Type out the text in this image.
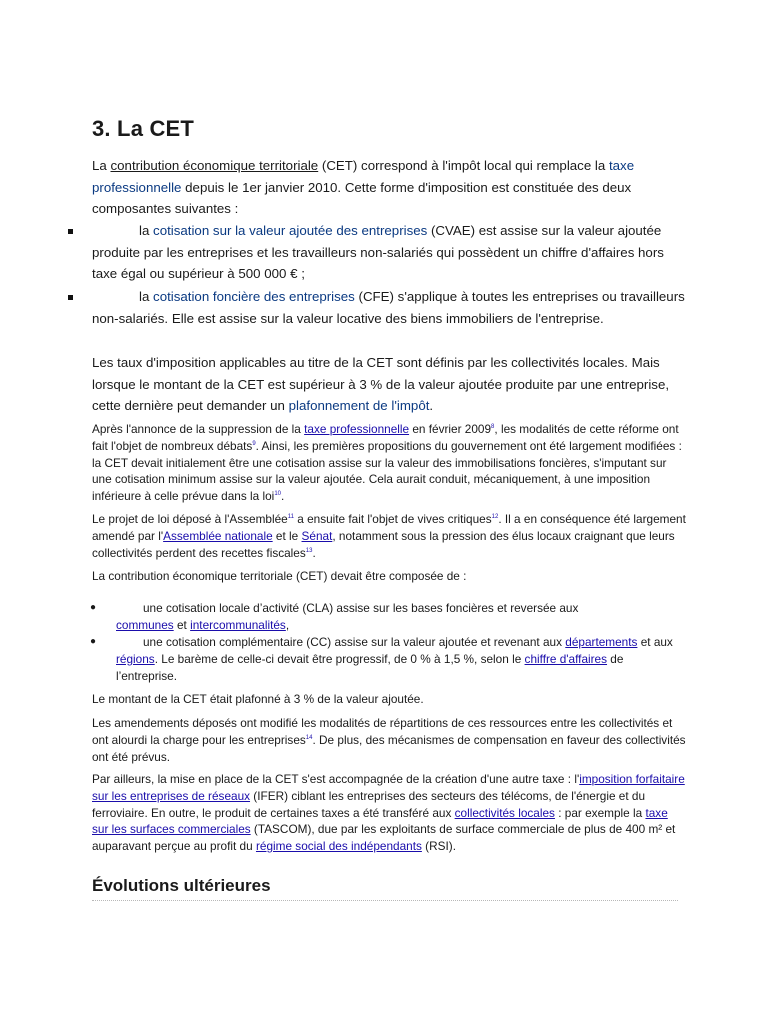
3. La CET

La contribution économique territoriale (CET) correspond à l'impôt local qui remplace la taxe professionnelle depuis le 1er janvier 2010. Cette forme d'imposition est constituée des deux composantes suivantes :

la cotisation sur la valeur ajoutée des entreprises (CVAE) est assise sur la valeur ajoutée produite par les entreprises et les travailleurs non-salariés qui possèdent un chiffre d'affaires hors taxe égal ou supérieur à 500 000 € ;
la cotisation foncière des entreprises (CFE) s'applique à toutes les entreprises ou travailleurs non-salariés. Elle est assise sur la valeur locative des biens immobiliers de l'entreprise.

Les taux d'imposition applicables au titre de la CET sont définis par les collectivités locales. Mais lorsque le montant de la CET est supérieur à 3 % de la valeur ajoutée produite par une entreprise, cette dernière peut demander un plafonnement de l'impôt.

Après l'annonce de la suppression de la taxe professionnelle en février 2009$^8$, les modalités de cette réforme ont fait l'objet de nombreux débats$^9$. Ainsi, les premières propositions du gouvernement ont été largement modifiées : la CET devait initialement être une cotisation assise sur la valeur des immobilisations foncières, s'imputant sur une cotisation minimum assise sur la valeur ajoutée. Cela aurait conduit, mécaniquement, à une imposition inférieure à celle prévue dans la loi$^{10}$.

Le projet de loi déposé à l'Assemblée$^{11}$ a ensuite fait l'objet de vives critiques$^{12}$. Il a en conséquence été largement amendé par l'Assemblée nationale et le Sénat, notamment sous la pression des élus locaux craignant que leurs collectivités perdent des recettes fiscales$^{13}$.

La contribution économique territoriale (CET) devait être composée de :

●	une cotisation locale d’activité (CLA) assise sur les bases foncières et reversée aux communes et intercommunalités,
●	une cotisation complémentaire (CC) assise sur la valeur ajoutée et revenant aux départements et aux régions. Le barème de celle-ci devait être progressif, de 0 % à 1,5 %, selon le chiffre d'affaires de l’entreprise.

Le montant de la CET était plafonné à 3 % de la valeur ajoutée.

Les amendements déposés ont modifié les modalités de répartitions de ces ressources entre les collectivités et ont alourdi la charge pour les entreprises$^{14}$. De plus, des mécanismes de compensation en faveur des collectivités ont été prévus.

Par ailleurs, la mise en place de la CET s'est accompagnée de la création d'une autre taxe : l'imposition forfaitaire sur les entreprises de réseaux (IFER) ciblant les entreprises des secteurs des télécoms, de l'énergie et du ferroviaire. En outre, le produit de certaines taxes a été transféré aux collectivités locales : par exemple la taxe sur les surfaces commerciales (TASCOM), due par les exploitants de surface commerciale de plus de 400 m² et auparavant perçue au profit du régime social des indépendants (RSI).

Évolutions ultérieures
